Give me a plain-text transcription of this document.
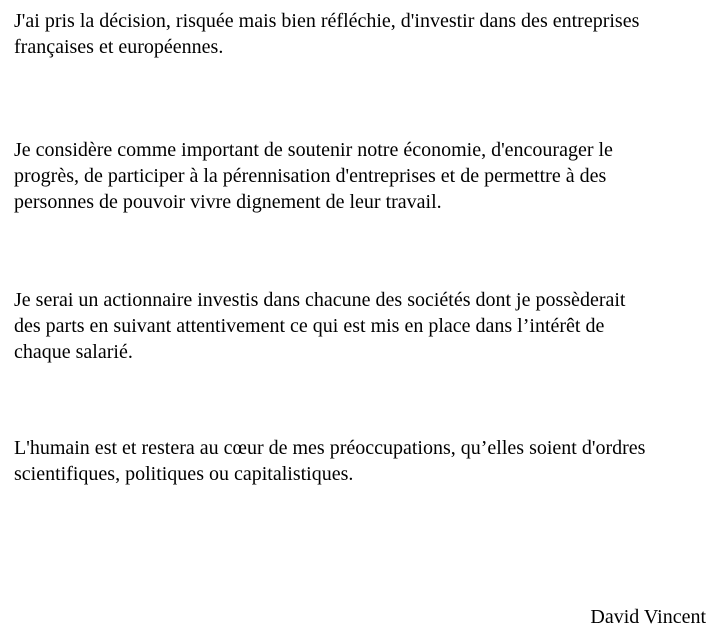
J'ai pris la décision, risquée mais bien réfléchie, d'investir dans des entreprises
françaises et européennes.

Je considère comme important de soutenir notre économie, d'encourager le
progrès, de participer à la pérennisation d'entreprises et de permettre à des
personnes de pouvoir vivre dignement de leur travail.

Je serai un actionnaire investis dans chacune des sociétés dont je possèderait
des parts en suivant attentivement ce qui est mis en place dans l’intérêt de
chaque salarié.

L'humain est et restera au cœur de mes préoccupations, qu’elles soient d'ordres
scientifiques, politiques ou capitalistiques.

David Vincent
